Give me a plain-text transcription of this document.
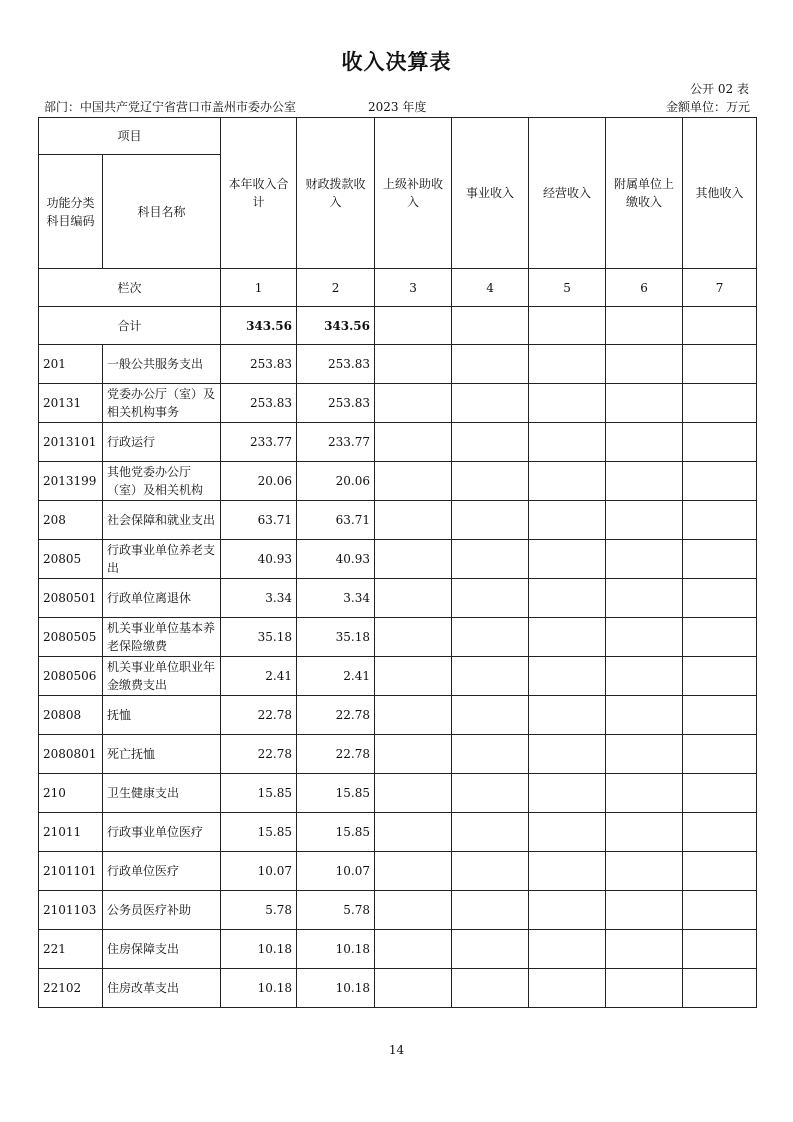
收入决算表
公开 02 表
部门：中国共产党辽宁省营口市盖州市委办公室	2023 年度	金额单位：万元
项目		本年收入合计	财政拨款收入	上级补助收入	事业收入	经营收入	附属单位上缴收入	其他收入
功能分类科目编码	科目名称							
栏次		1	2	3	4	5	6	7
合计		343.56	343.56					
201	一般公共服务支出	253.83	253.83					
20131	党委办公厅（室）及相关机构事务	253.83	253.83					
2013101	行政运行	233.77	233.77					
2013199	其他党委办公厅（室）及相关机构	20.06	20.06					
208	社会保障和就业支出	63.71	63.71					
20805	行政事业单位养老支出	40.93	40.93					
2080501	行政单位离退休	3.34	3.34					
2080505	机关事业单位基本养老保险缴费	35.18	35.18					
2080506	机关事业单位职业年金缴费支出	2.41	2.41					
20808	抚恤	22.78	22.78					
2080801	死亡抚恤	22.78	22.78					
210	卫生健康支出	15.85	15.85					
21011	行政事业单位医疗	15.85	15.85					
2101101	行政单位医疗	10.07	10.07					
2101103	公务员医疗补助	5.78	5.78					
221	住房保障支出	10.18	10.18					
22102	住房改革支出	10.18	10.18					
14
